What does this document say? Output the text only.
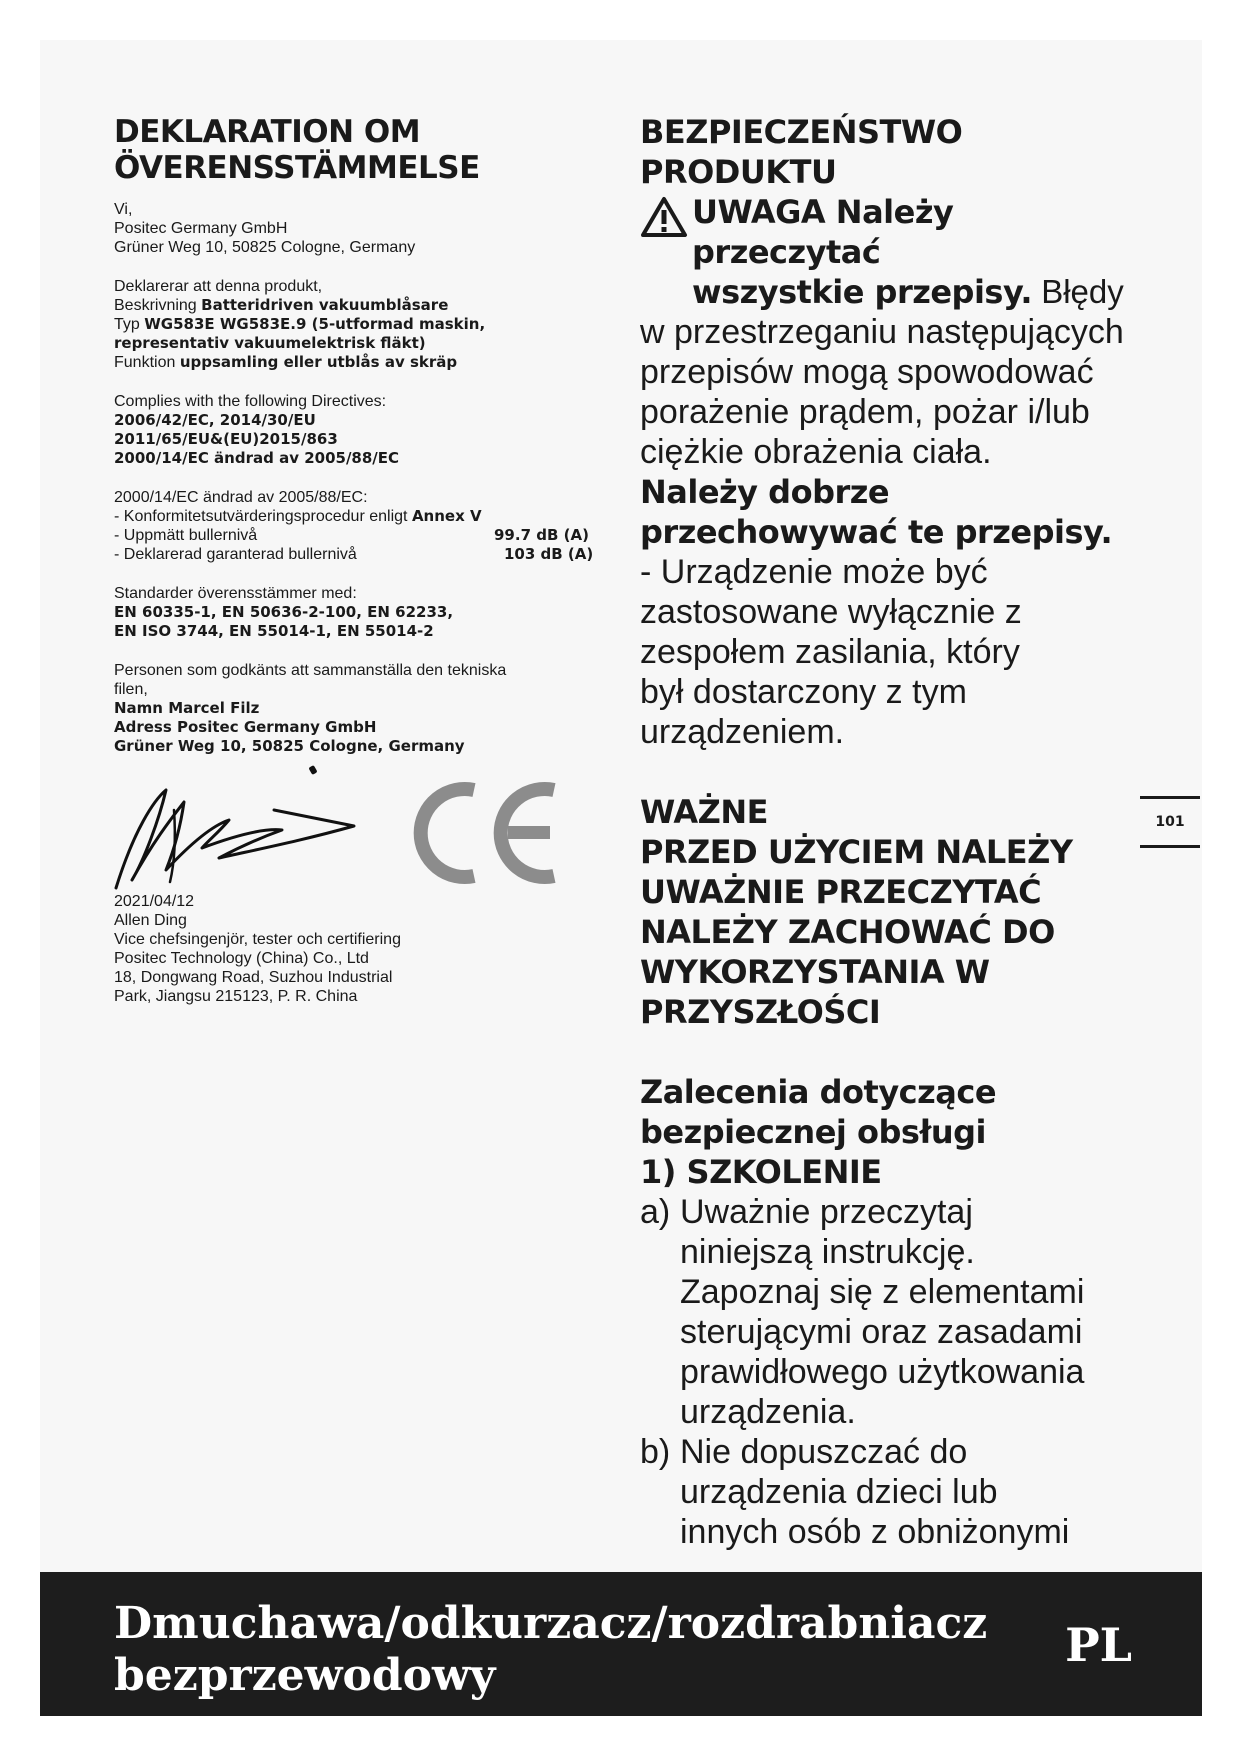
DEKLARATION OM
ÖVERENSSTÄMMELSE
Vi,
Positec Germany GmbH
Grüner Weg 10, 50825 Cologne, Germany
Deklarerar att denna produkt,
Beskrivning Batteridriven vakuumblåsare
Typ WG583E WG583E.9 (5-utformad maskin,
representativ vakuumelektrisk fläkt)
Funktion uppsamling eller utblås av skräp
Complies with the following Directives:
2006/42/EC, 2014/30/EU
2011/65/EU&(EU)2015/863
2000/14/EC ändrad av 2005/88/EC
2000/14/EC ändrad av 2005/88/EC:
- Konformitetsutvärderingsprocedur enligt
Annex V
- Uppmätt bullernivå	99.7 dB (A)
- Deklarerad garanterad bullernivå	103 dB (A)
Standarder överensstämmer med:
EN 60335-1, EN 50636-2-100, EN 62233,
EN ISO 3744, EN 55014-1, EN 55014-2
Personen som godkänts att sammanställa den tekniska
filen,
Namn Marcel Filz
Adress Positec Germany GmbH
Grüner Weg 10, 50825 Cologne, Germany
2021/04/12
Allen Ding
Vice chefsingenjör, tester och certifiering
Positec Technology (China) Co., Ltd
18, Dongwang Road, Suzhou Industrial
Park, Jiangsu 215123, P. R. China
BEZPIECZEŃSTWO
PRODUKTU
UWAGA Należy przeczytać
wszystkie przepisy. Błędy
w przestrzeganiu następujących
przepisów mogą spowodować
porażenie prądem, pożar i/lub
ciężkie obrażenia ciała.
Należy dobrze
przechowywać te przepisy.
- Urządzenie może być
zastosowane wyłącznie z
zespołem zasilania, który
był dostarczony z tym
urządzeniem.
WAŻNE
PRZED UŻYCIEM NALEŻY
UWAŻNIE PRZECZYTAĆ
NALEŻY ZACHOWAĆ DO
WYKORZYSTANIA W
PRZYSZŁOŚCI
Zalecenia dotyczące
bezpiecznej obsługi
1) SZKOLENIE
a) Uważnie przeczytaj
niniejszą instrukcję.
Zapoznaj się z elementami
sterującymi oraz zasadami
prawidłowego użytkowania
urządzenia.
b) Nie dopuszczać do
urządzenia dzieci lub
innych osób z obniżonymi
101
Dmuchawa/odkurzacz/rozdrabniacz
bezprzewodowy
PL
